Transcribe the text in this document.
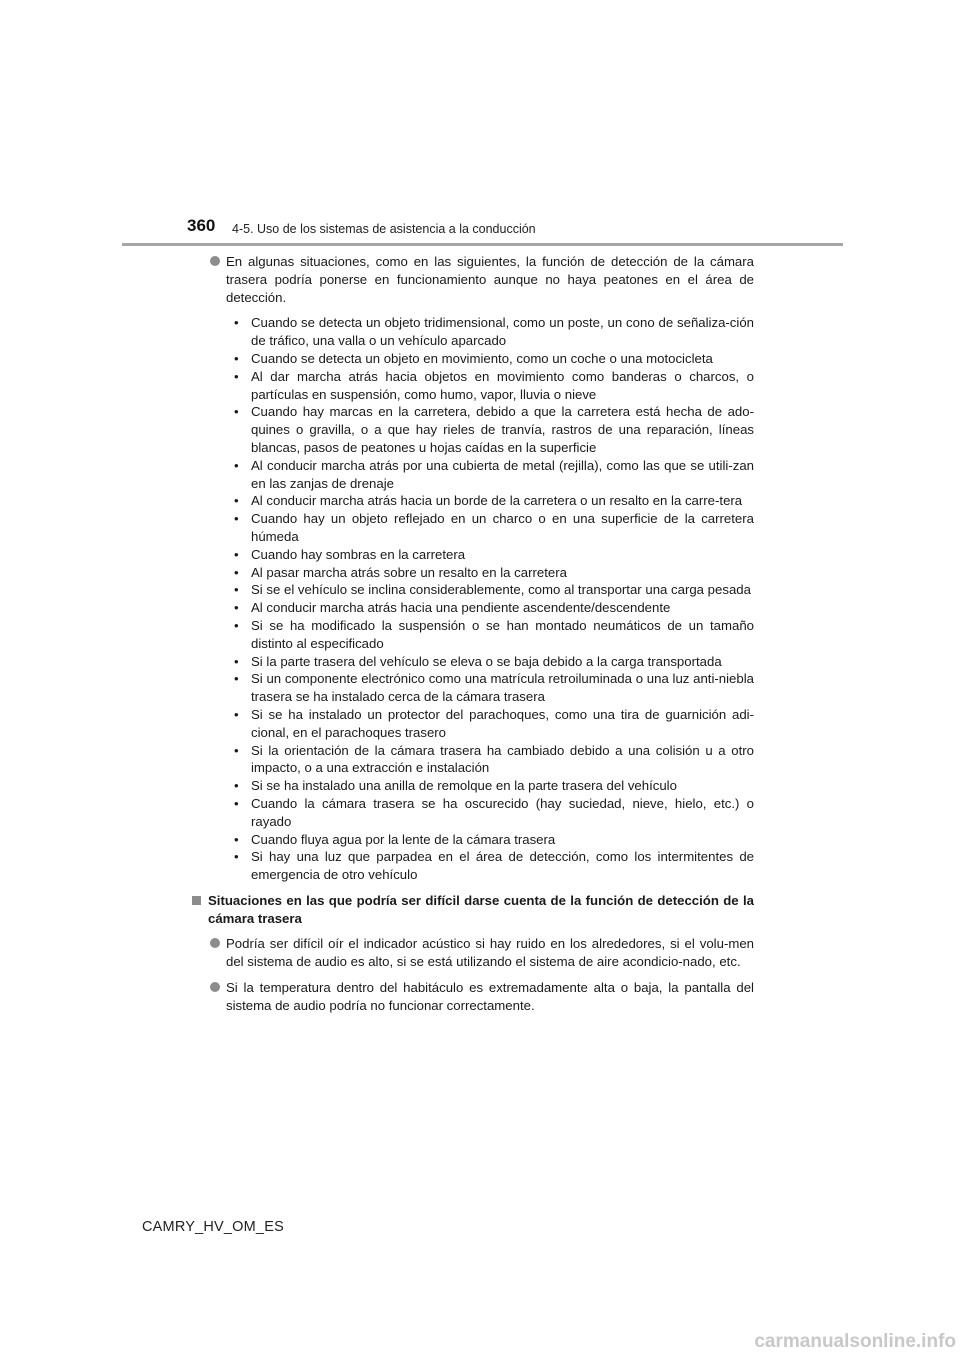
360 4-5. Uso de los sistemas de asistencia a la conducción
En algunas situaciones, como en las siguientes, la función de detección de la cámara trasera podría ponerse en funcionamiento aunque no haya peatones en el área de detección.
• Cuando se detecta un objeto tridimensional, como un poste, un cono de señaliza-ción de tráfico, una valla o un vehículo aparcado
• Cuando se detecta un objeto en movimiento, como un coche o una motocicleta
• Al dar marcha atrás hacia objetos en movimiento como banderas o charcos, o partículas en suspensión, como humo, vapor, lluvia o nieve
• Cuando hay marcas en la carretera, debido a que la carretera está hecha de ado-quines o gravilla, o a que hay rieles de tranvía, rastros de una reparación, líneas blancas, pasos de peatones u hojas caídas en la superficie
• Al conducir marcha atrás por una cubierta de metal (rejilla), como las que se utili-zan en las zanjas de drenaje
• Al conducir marcha atrás hacia un borde de la carretera o un resalto en la carre-tera
• Cuando hay un objeto reflejado en un charco o en una superficie de la carretera húmeda
• Cuando hay sombras en la carretera
• Al pasar marcha atrás sobre un resalto en la carretera
• Si se el vehículo se inclina considerablemente, como al transportar una carga pesada
• Al conducir marcha atrás hacia una pendiente ascendente/descendente
• Si se ha modificado la suspensión o se han montado neumáticos de un tamaño distinto al especificado
• Si la parte trasera del vehículo se eleva o se baja debido a la carga transportada
• Si un componente electrónico como una matrícula retroiluminada o una luz anti-niebla trasera se ha instalado cerca de la cámara trasera
• Si se ha instalado un protector del parachoques, como una tira de guarnición adi-cional, en el parachoques trasero
• Si la orientación de la cámara trasera ha cambiado debido a una colisión u a otro impacto, o a una extracción e instalación
• Si se ha instalado una anilla de remolque en la parte trasera del vehículo
• Cuando la cámara trasera se ha oscurecido (hay suciedad, nieve, hielo, etc.) o rayado
• Cuando fluya agua por la lente de la cámara trasera
• Si hay una luz que parpadea en el área de detección, como los intermitentes de emergencia de otro vehículo
Situaciones en las que podría ser difícil darse cuenta de la función de detección de la cámara trasera
Podría ser difícil oír el indicador acústico si hay ruido en los alrededores, si el volu-men del sistema de audio es alto, si se está utilizando el sistema de aire acondicio-nado, etc.
Si la temperatura dentro del habitáculo es extremadamente alta o baja, la pantalla del sistema de audio podría no funcionar correctamente.
CAMRY_HV_OM_ES
carmanualsonline.info
